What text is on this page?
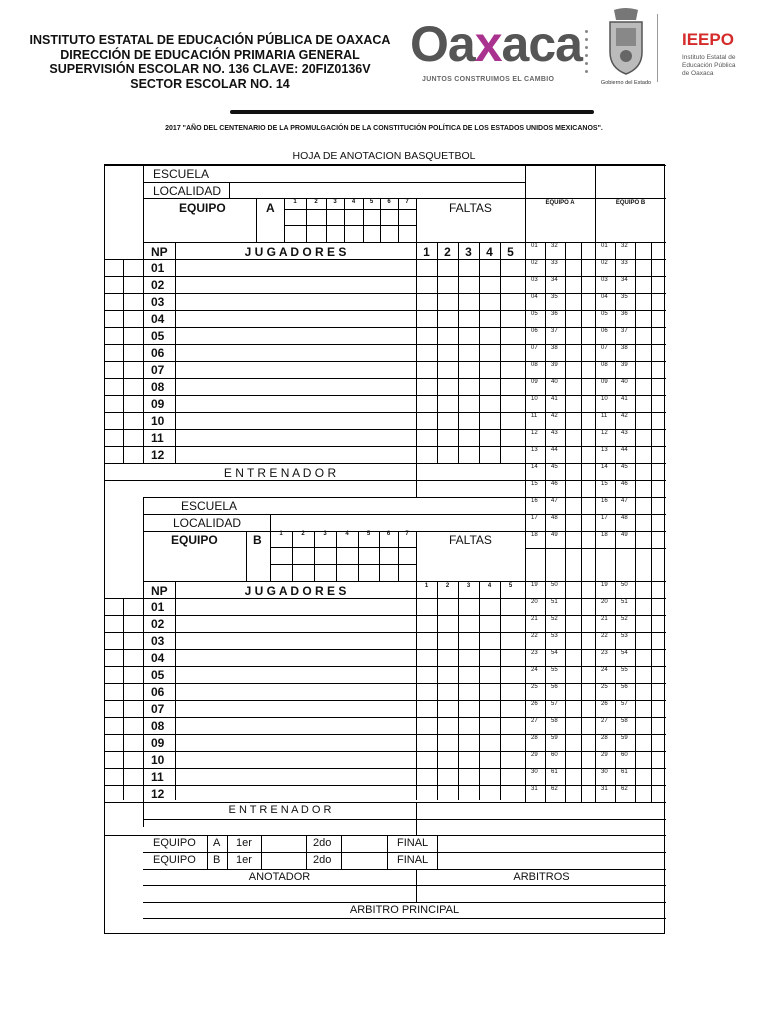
INSTITUTO ESTATAL DE EDUCACIÓN PÚBLICA DE OAXACA
DIRECCIÓN DE EDUCACIÓN PRIMARIA GENERAL
SUPERVISIÓN ESCOLAR NO. 136 CLAVE: 20FIZ0136V
SECTOR ESCOLAR NO. 14
Oaxaca
JUNTOS CONSTRUIMOS EL CAMBIO	Gobierno del Estado
IEEPO
Instituto Estatal de
Educación Pública
de Oaxaca
2017 "AÑO DEL CENTENARIO DE LA PROMULGACIÓN DE LA CONSTITUCIÓN POLÍTICA DE LOS ESTADOS UNIDOS MEXICANOS".
HOJA DE ANOTACION BASQUETBOL
ESCUELA
LOCALIDAD
EQUIPO	A	1	2	3	4	5	6	7	FALTAS
NP	J U G A D O R E S	1	2	3	4	5
01
02
03
04
05
06
07
08
09
10
11
12
E N T R E N A D O R
ESCUELA
LOCALIDAD
EQUIPO	B	1	2	3	4	5	6	7	FALTAS
NP	J U G A D O R E S	1	2	3	4	5
01
02
03
04
05
06
07
08
09
10
11
12
E N T R E N A D O R
EQUIPO A 1er	2do	FINAL
EQUIPO B 1er	2do	FINAL
ANOTADOR	ARBITROS
ARBITRO PRINCIPAL
EQUIPO A	EQUIPO B
01 32	01 32
02 33	02 33
03 34	03 34
04 35	04 35
05 36	05 36
06 37	06 37
07 38	07 38
08 39	08 39
09 40	09 40
10 41	10 41
11 42	11 42
12 43	12 43
13 44	13 44
14 45	14 45
15 46	15 46
16 47	16 47
17 48	17 48
18 49	18 49
19 50	19 50
20 51	20 51
21 52	21 52
22 53	22 53
23 54	23 54
24 55	24 55
25 56	25 56
26 57	26 57
27 58	27 58
28 59	28 59
29 60	29 60
30 61	30 61
31 62	31 62
